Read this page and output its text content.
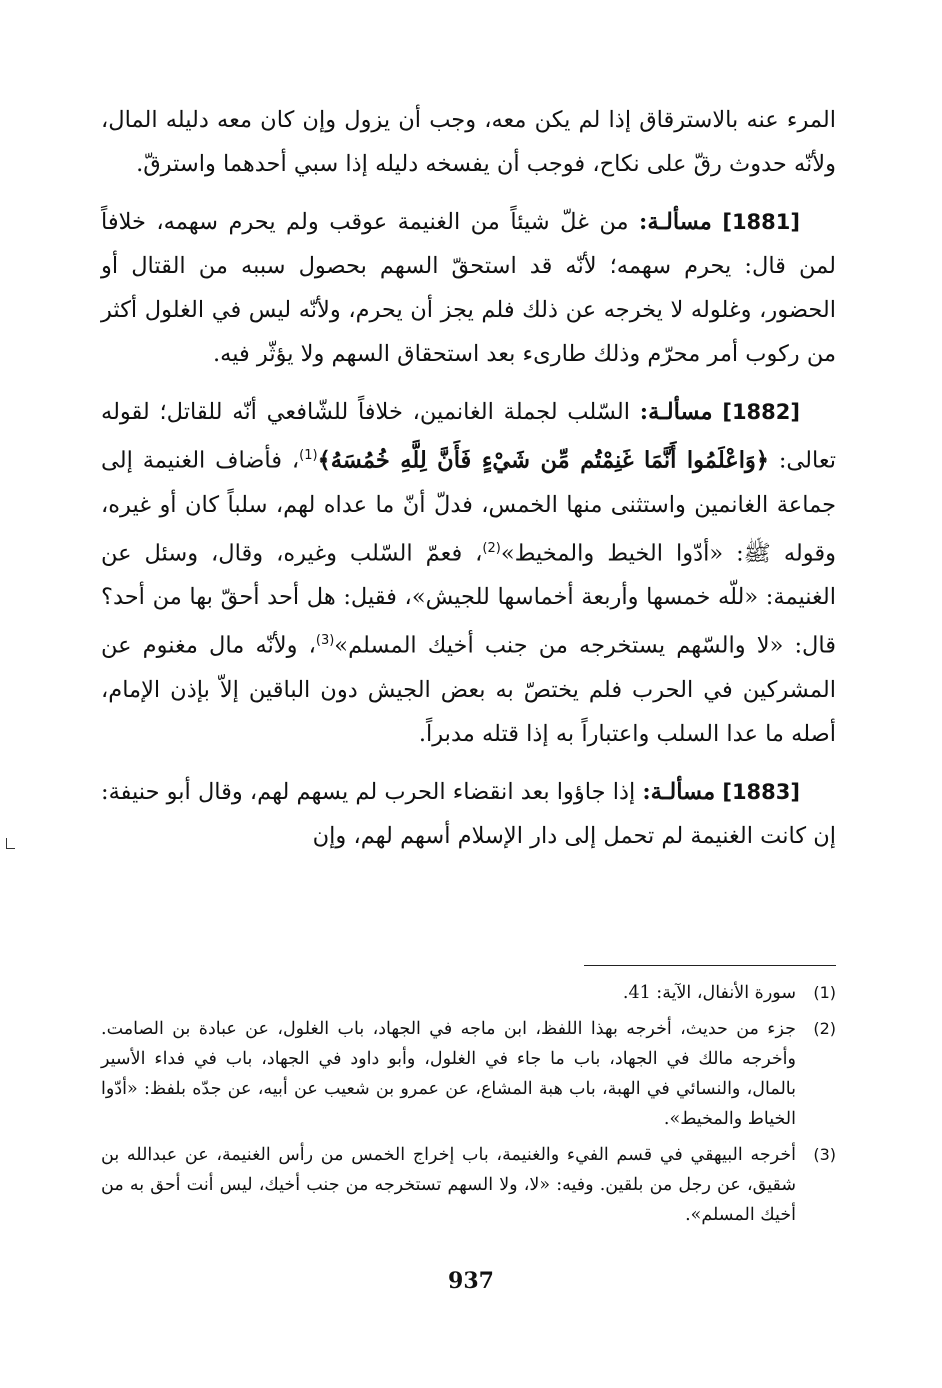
المرء عنه بالاسترقاق إذا لم يكن معه، وجب أن يزول وإن كان معه دليله المال، ولأنّه حدوث رقّ على نكاح، فوجب أن يفسخه دليله إذا سبي أحدهما واسترقّ.

[1881] مسألـة: من غلّ شيئاً من الغنيمة عوقب ولم يحرم سهمه، خلافاً لمن قال: يحرم سهمه؛ لأنّه قد استحقّ السهم بحصول سببه من القتال أو الحضور، وغلوله لا يخرجه عن ذلك فلم يجز أن يحرم، ولأنّه ليس في الغلول أكثر من ركوب أمر محرّم وذلك طارىء بعد استحقاق السهم ولا يؤثّر فيه.

[1882] مسألـة: السّلب لجملة الغانمين، خلافاً للشّافعي أنّه للقاتل؛ لقوله تعالى: ﴿وَاعْلَمُوا أَنَّمَا غَنِمْتُم مِّن شَيْءٍ فَأَنَّ لِلَّهِ خُمُسَهُ﴾$^{(1)}$، فأضاف الغنيمة إلى جماعة الغانمين واستثنى منها الخمس، فدلّ أنّ ما عداه لهم، سلباً كان أو غيره، وقوله ﷺ: «أدّوا الخيط والمخيط»$^{(2)}$، فعمّ السّلب وغيره، وقال، وسئل عن الغنيمة: «للّه خمسها وأربعة أخماسها للجيش»، فقيل: هل أحد أحقّ بها من أحد؟ قال: «لا والسّهم يستخرجه من جنب أخيك المسلم»$^{(3)}$، ولأنّه مال مغنوم عن المشركين في الحرب فلم يختصّ به بعض الجيش دون الباقين إلاّ بإذن الإمام، أصله ما عدا السلب واعتباراً به إذا قتله مدبراً.

[1883] مسألـة: إذا جاؤوا بعد انقضاء الحرب لم يسهم لهم، وقال أبو حنيفة: إن كانت الغنيمة لم تحمل إلى دار الإسلام أسهم لهم، وإن

(1)
سورة الأنفال، الآية: 41.
(2)
جزء من حديث، أخرجه بهذا اللفظ، ابن ماجه في الجهاد، باب الغلول، عن عبادة بن الصامت. وأخرجه مالك في الجهاد، باب ما جاء في الغلول، وأبو داود في الجهاد، باب في فداء الأسير بالمال، والنسائي في الهبة، باب هبة المشاع، عن عمرو بن شعيب عن أبيه، عن جدّه بلفظ: «أدّوا الخياط والمخيط».
(3)
أخرجه البيهقي في قسم الفيء والغنيمة، باب إخراج الخمس من رأس الغنيمة، عن عبدالله بن شقيق، عن رجل من بلقين. وفيه: «لا، ولا السهم تستخرجه من جنب أخيك، ليس أنت أحق به من أخيك المسلم».
937
